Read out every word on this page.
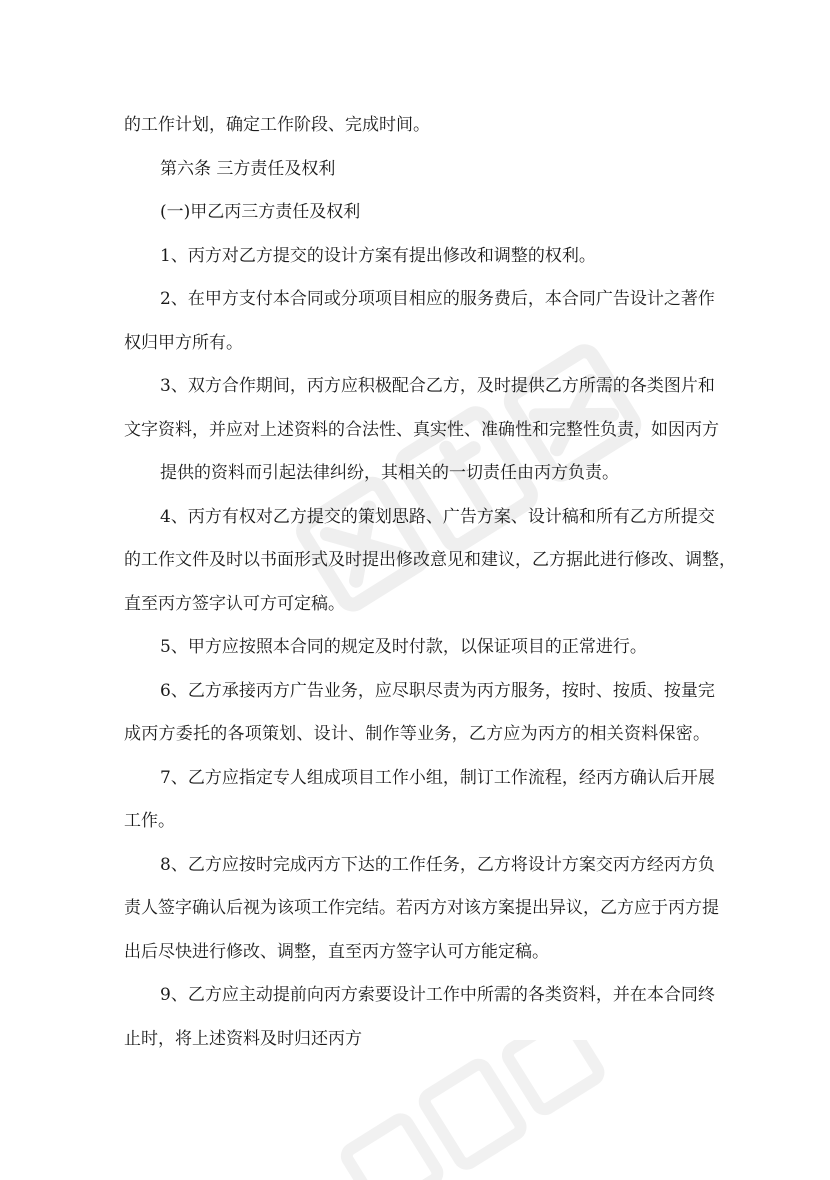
的工作计划，确定工作阶段、完成时间。
第六条 三方责任及权利
(一)甲乙丙三方责任及权利
1、丙方对乙方提交的设计方案有提出修改和调整的权利。
2、在甲方支付本合同或分项项目相应的服务费后，本合同广告设计之著作
权归甲方所有。
3、双方合作期间，丙方应积极配合乙方，及时提供乙方所需的各类图片和
文字资料，并应对上述资料的合法性、真实性、准确性和完整性负责，如因丙方
提供的资料而引起法律纠纷，其相关的一切责任由丙方负责。
4、丙方有权对乙方提交的策划思路、广告方案、设计稿和所有乙方所提交
的工作文件及时以书面形式及时提出修改意见和建议，乙方据此进行修改、调整，
直至丙方签字认可方可定稿。
5、甲方应按照本合同的规定及时付款，以保证项目的正常进行。
6、乙方承接丙方广告业务，应尽职尽责为丙方服务，按时、按质、按量完
成丙方委托的各项策划、设计、制作等业务，乙方应为丙方的相关资料保密。
7、乙方应指定专人组成项目工作小组，制订工作流程，经丙方确认后开展
工作。
8、乙方应按时完成丙方下达的工作任务，乙方将设计方案交丙方经丙方负
责人签字确认后视为该项工作完结。若丙方对该方案提出异议，乙方应于丙方提
出后尽快进行修改、调整，直至丙方签字认可方能定稿。
9、乙方应主动提前向丙方索要设计工作中所需的各类资料，并在本合同终
止时，将上述资料及时归还丙方
